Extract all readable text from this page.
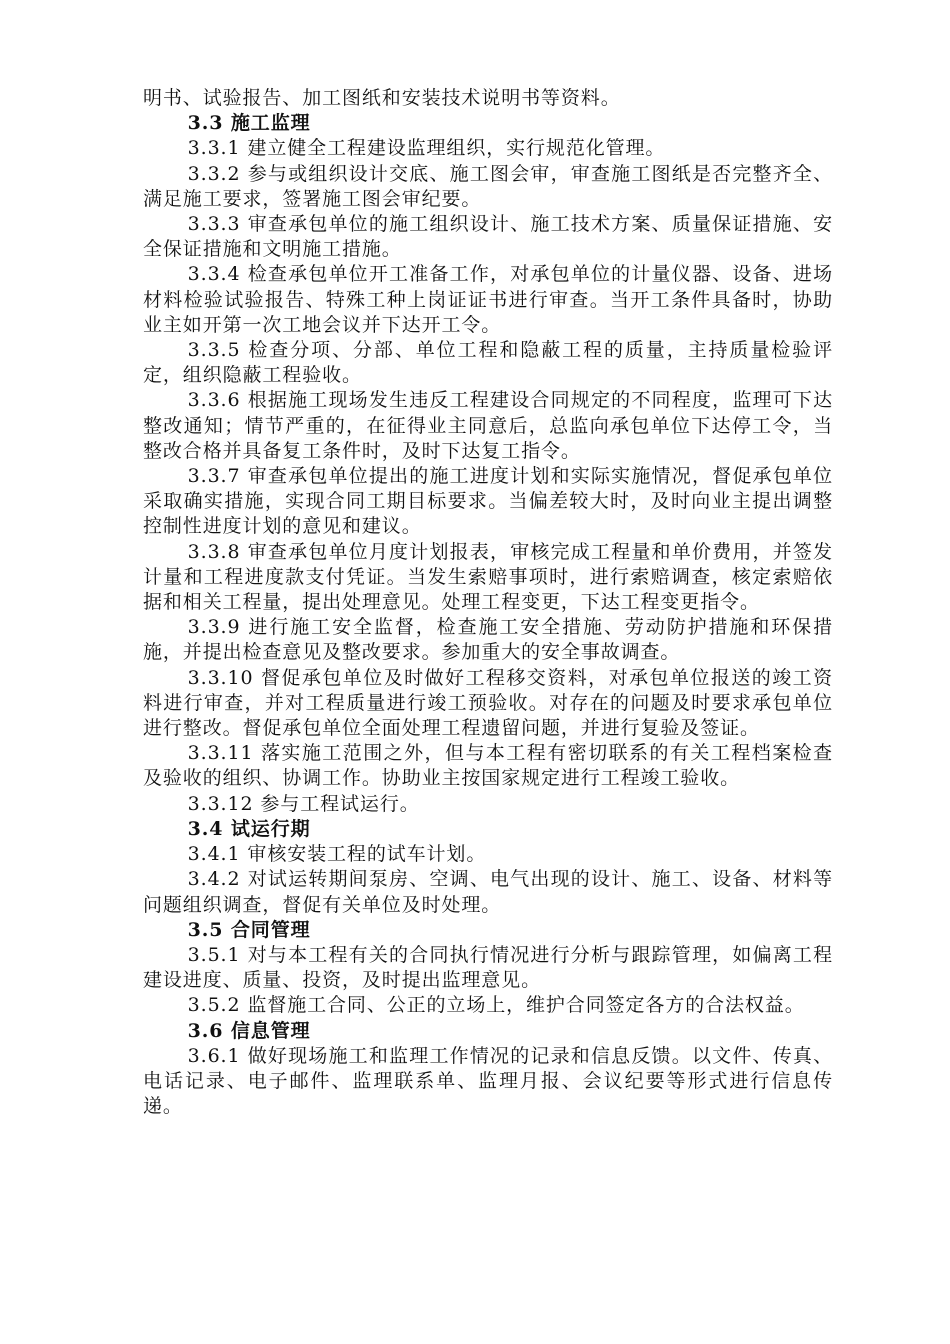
明书、试验报告、加工图纸和安装技术说明书等资料。

3.3 施工监理

3.3.1 建立健全工程建设监理组织，实行规范化管理。

3.3.2 参与或组织设计交底、施工图会审，审查施工图纸是否完整齐全、满足施工要求，签署施工图会审纪要。

3.3.3 审查承包单位的施工组织设计、施工技术方案、质量保证措施、安全保证措施和文明施工措施。

3.3.4 检查承包单位开工准备工作，对承包单位的计量仪器、设备、进场材料检验试验报告、特殊工种上岗证证书进行审查。当开工条件具备时，协助业主如开第一次工地会议并下达开工令。

3.3.5 检查分项、分部、单位工程和隐蔽工程的质量，主持质量检验评定，组织隐蔽工程验收。

3.3.6 根据施工现场发生违反工程建设合同规定的不同程度，监理可下达整改通知；情节严重的，在征得业主同意后，总监向承包单位下达停工令，当整改合格并具备复工条件时，及时下达复工指令。

3.3.7 审查承包单位提出的施工进度计划和实际实施情况，督促承包单位采取确实措施，实现合同工期目标要求。当偏差较大时，及时向业主提出调整控制性进度计划的意见和建议。

3.3.8 审查承包单位月度计划报表，审核完成工程量和单价费用，并签发计量和工程进度款支付凭证。当发生索赔事项时，进行索赔调查，核定索赔依据和相关工程量，提出处理意见。处理工程变更，下达工程变更指令。

3.3.9 进行施工安全监督，检查施工安全措施、劳动防护措施和环保措施，并提出检查意见及整改要求。参加重大的安全事故调查。

3.3.10 督促承包单位及时做好工程移交资料，对承包单位报送的竣工资料进行审查，并对工程质量进行竣工预验收。对存在的问题及时要求承包单位进行整改。督促承包单位全面处理工程遗留问题，并进行复验及签证。

3.3.11 落实施工范围之外，但与本工程有密切联系的有关工程档案检查及验收的组织、协调工作。协助业主按国家规定进行工程竣工验收。

3.3.12 参与工程试运行。

3.4 试运行期

3.4.1 审核安装工程的试车计划。

3.4.2 对试运转期间泵房、空调、电气出现的设计、施工、设备、材料等问题组织调查，督促有关单位及时处理。

3.5 合同管理

3.5.1 对与本工程有关的合同执行情况进行分析与跟踪管理，如偏离工程建设进度、质量、投资，及时提出监理意见。

3.5.2 监督施工合同、公正的立场上，维护合同签定各方的合法权益。

3.6 信息管理

3.6.1 做好现场施工和监理工作情况的记录和信息反馈。以文件、传真、电话记录、电子邮件、监理联系单、监理月报、会议纪要等形式进行信息传递。
